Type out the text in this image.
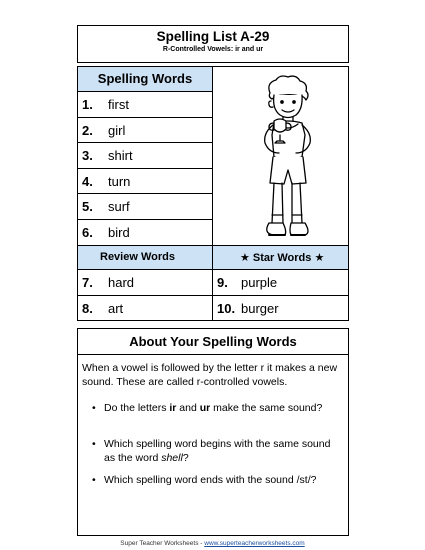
Spelling List A-29
R-Controlled Vowels: ir and ur
Spelling Words
1. first
2. girl
3. shirt
4. turn
5. surf
6. bird
Review Words	★ Star Words ★
7. hard
8. art
9. purple
10. burger
About Your Spelling Words
When a vowel is followed by the letter r it makes a new sound. These are called r-controlled vowels.
• Do the letters ir and ur make the same sound?
• Which spelling word begins with the same sound as the word shell?
• Which spelling word ends with the sound /st/?
Super Teacher Worksheets - www.superteacherworksheets.com
